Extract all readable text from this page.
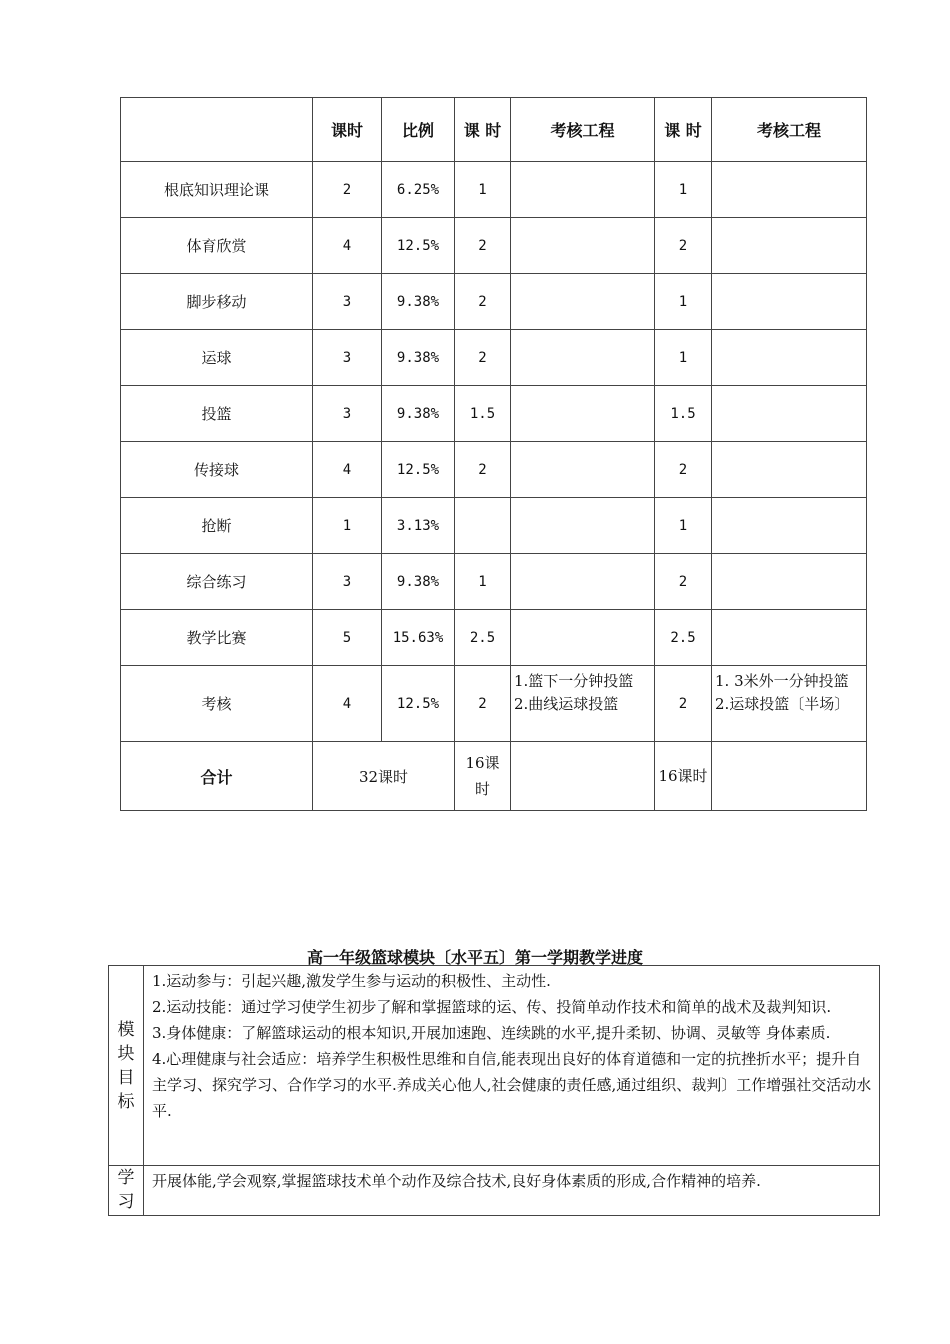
	课时	比例	课 时	考核工程	课 时	考核工程
根底知识理论课	2	6.25%	1		1	
体育欣赏	4	12.5%	2		2	
脚步移动	3	9.38%	2		1	
运球	3	9.38%	2		1	
投篮	3	9.38%	1.5		1.5	
传接球	4	12.5%	2		2	
抢断	1	3.13%			1	
综合练习	3	9.38%	1		2	
教学比赛	5	15.63%	2.5		2.5	
考核	4	12.5%	2	1.篮下一分钟投篮 2.曲线运球投篮	2	1. 3米外一分钟投篮
2.运球投篮〔半场〕

合计	32课时		16课时		16课时	
高一年级篮球模块〔水平五〕第一学期教学进度
模块目标	1.运动参与：引起兴趣,激发学生参与运动的积极性、主动性.
2.运动技能：通过学习使学生初步了解和掌握篮球的运、传、投简单动作技术和简单的战术及裁判知识.
3.身体健康：了解篮球运动的根本知识,开展加速跑、连续跳的水平,提升柔韧、协调、灵敏等 身体素质.
4.心理健康与社会适应：培养学生积极性思维和自信,能表现出良好的体育道德和一定的抗挫折水平；提升自主学习、探究学习、合作学习的水平.养成关心他人,社会健康的责任感,通过组织、裁判〕工作增强社交活动水平.

学习	开展体能,学会观察,掌握篮球技术单个动作及综合技术,良好身体素质的形成,合作精神的培养.
